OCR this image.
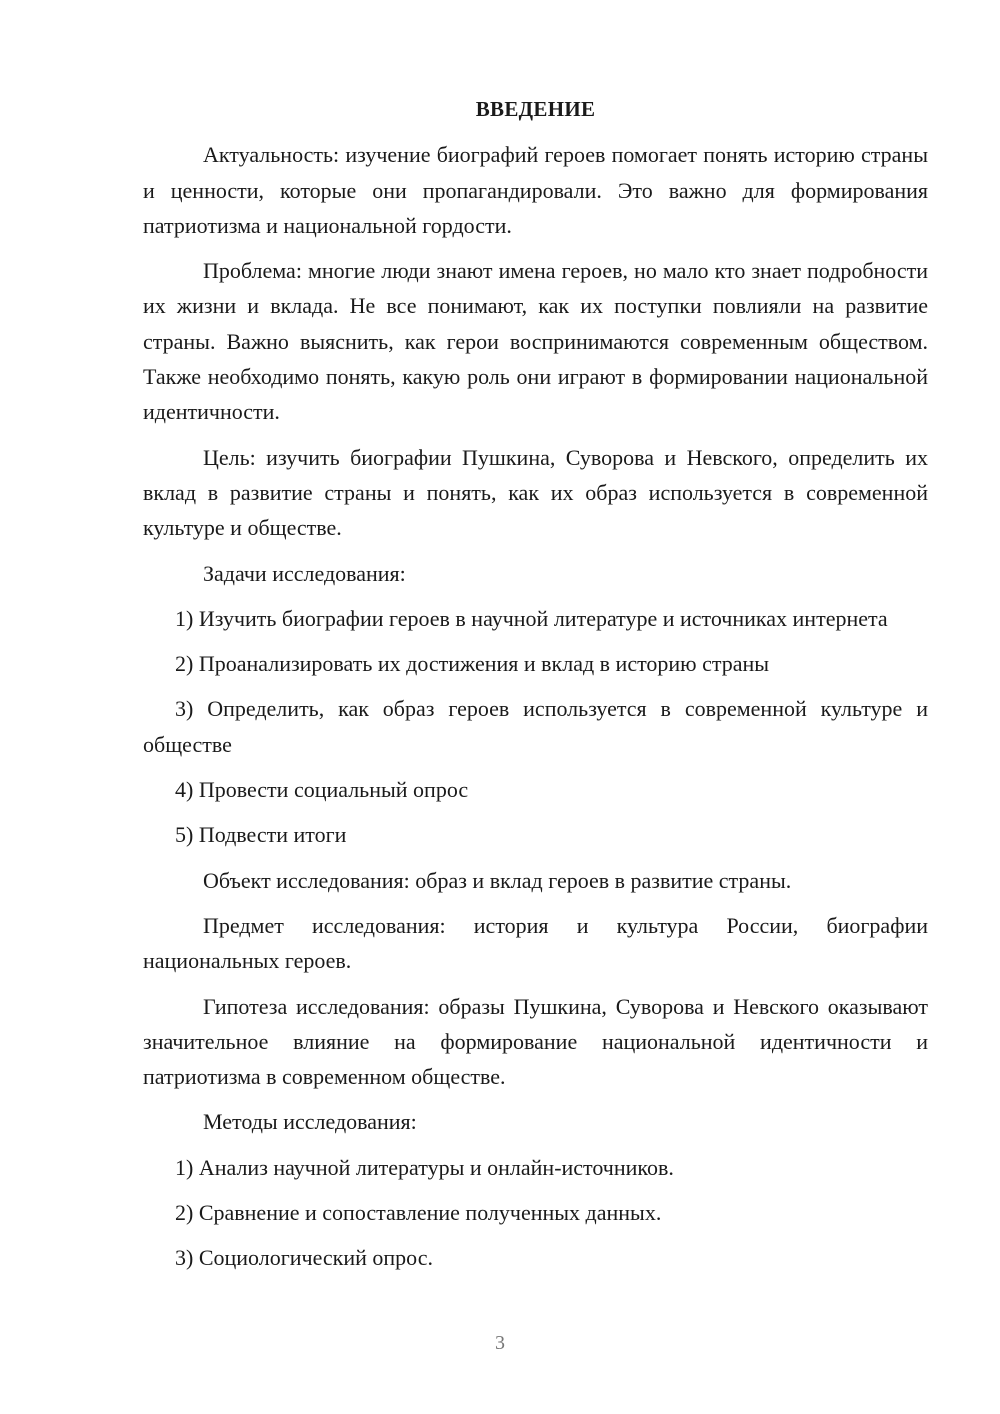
ВВЕДЕНИЕ

Актуальность: изучение биографий героев помогает понять историю страны и ценности, которые они пропагандировали. Это важно для формирования патриотизма и национальной гордости.

Проблема: многие люди знают имена героев, но мало кто знает подробности их жизни и вклада. Не все понимают, как их поступки повлияли на развитие страны. Важно выяснить, как герои воспринимаются современным обществом. Также необходимо понять, какую роль они играют в формировании национальной идентичности.

Цель: изучить биографии Пушкина, Суворова и Невского, определить их вклад в развитие страны и понять, как их образ используется в современной культуре и обществе.

Задачи исследования:

1) Изучить биографии героев в научной литературе и источниках интернета

2) Проанализировать их достижения и вклад в историю страны

3) Определить, как образ героев используется в современной культуре и обществе

4) Провести социальный опрос

5) Подвести итоги

Объект исследования: образ и вклад героев в развитие страны.

Предмет исследования: история и культура России, биографии национальных героев.

Гипотеза исследования: образы Пушкина, Суворова и Невского оказывают значительное влияние на формирование национальной идентичности и патриотизма в современном обществе.

Методы исследования:

1) Анализ научной литературы и онлайн-источников.

2) Сравнение и сопоставление полученных данных.

3) Социологический опрос.

3
